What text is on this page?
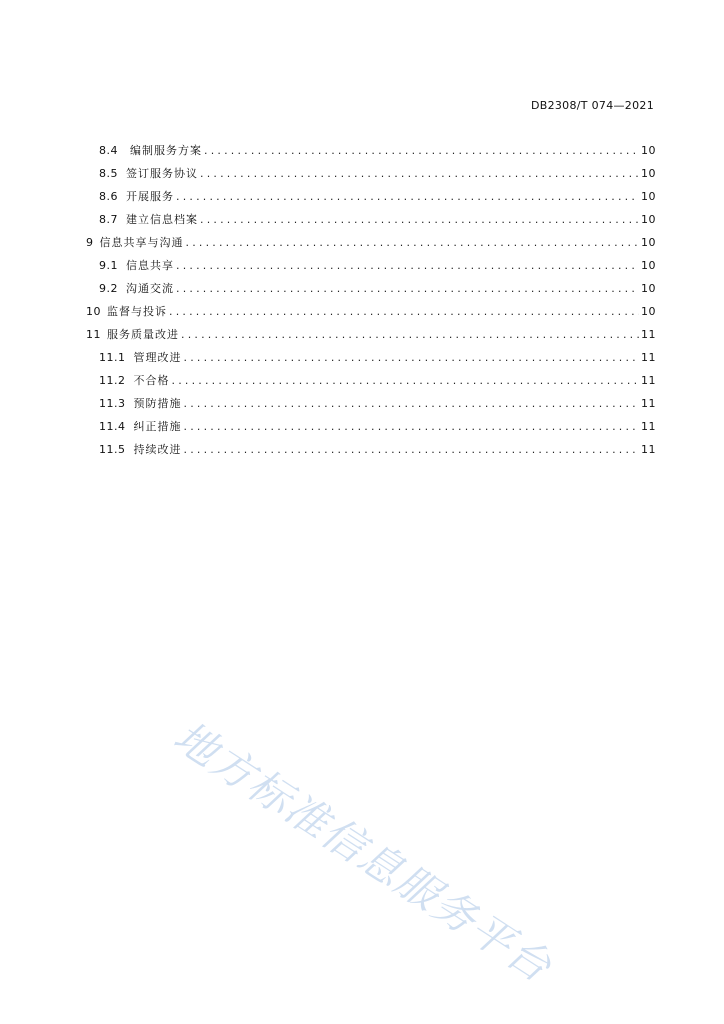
DB2308/T 074—2021
8.4 编制服务方案 .....	10
8.5 签订服务协议 .....	10
8.6 开展服务 .....	10
8.7 建立信息档案 .....	10
9 信息共享与沟通 .....	10
9.1 信息共享 .....	10
9.2 沟通交流 .....	10
10 监督与投诉 .....	10
11 服务质量改进 .....	11
11.1 管理改进 .....	11
11.2 不合格 .....	11
11.3 预防措施 .....	11
11.4 纠正措施 .....	11
11.5 持续改进 .....	11
地方标准信息服务平台
